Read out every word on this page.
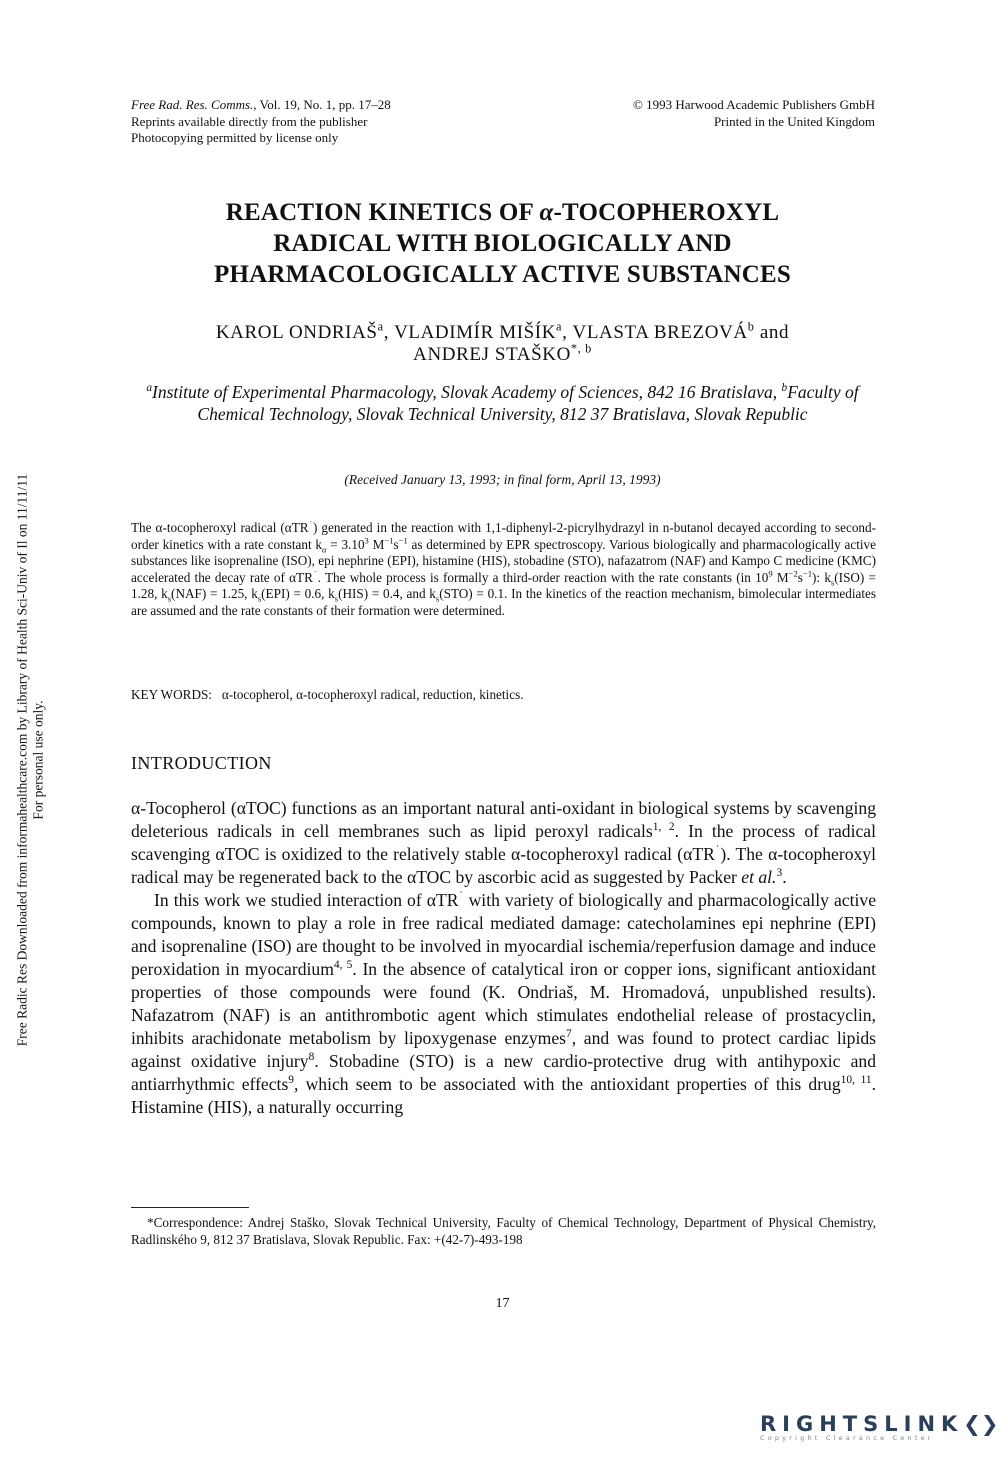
Free Rad. Res. Comms., Vol. 19, No. 1, pp. 17–28
Reprints available directly from the publisher
Photocopying permitted by license only
© 1993 Harwood Academic Publishers GmbH
Printed in the United Kingdom
Free Radic Res Downloaded from informahealthcare.com by Library of Health Sci-Univ of Il on 11/11/11 For personal use only.
REACTION KINETICS OF α-TOCOPHEROXYL
RADICAL WITH BIOLOGICALLY AND
PHARMACOLOGICALLY ACTIVE SUBSTANCES
KAROL ONDRIAŠ$^a$, VLADIMÍR MIŠÍK$^a$, VLASTA BREZOVÁ$^b$ and
ANDREJ $STAŠKO^{*, b}$
$^a$Institute of Experimental Pharmacology, Slovak Academy of Sciences, 842 16 Bratislava, $^b$Faculty of Chemical Technology, Slovak Technical University, 812 37 Bratislava, Slovak Republic
(Received January 13, 1993; in final form, April 13, 1993)
The α-tocopheroxyl radical (αTR˙) generated in the reaction with 1,1-diphenyl-2-picrylhydrazyl in n-butanol decayed according to second-order kinetics with a rate constant $k_\alpha = 3.10^3$ $M^{-1}s^{-1}$ as determined by EPR spectroscopy. Various biologically and pharmacologically active substances like isoprenaline (ISO), epi nephrine (EPI), histamine (HIS), stobadine (STO), nafazatrom (NAF) and Kampo C medicine (KMC) accelerated the decay rate of αTR˙. The whole process is formally a third-order reaction with the rate constants (in $10^9$ $M^{-2}s^{-1}$): $k_s(ISO) = 1.28$, $k_s(NAF) = 1.25$, $k_s(EPI) = 0.6$, $k_s(HIS) = 0.4$, and $k_s(STO) = 0.1$. In the kinetics of the reaction mechanism, bimolecular intermediates are assumed and the rate constants of their formation were determined.
KEY WORDS: α-tocopherol, α-tocopheroxyl radical, reduction, kinetics.
INTRODUCTION

α-Tocopherol (αTOC) functions as an important natural anti-oxidant in biological systems by scavenging deleterious radicals in cell membranes such as lipid peroxyl radicals$^{1, 2}$. In the process of radical scavenging αTOC is oxidized to the relatively stable α-tocopheroxyl radical (αTR˙). The α-tocopheroxyl radical may be regenerated back to the αTOC by ascorbic acid as suggested by Packer et al.$^3$.

In this work we studied interaction of αTR˙ with variety of biologically and pharmacologically active compounds, known to play a role in free radical mediated damage: catecholamines epi nephrine (EPI) and isoprenaline (ISO) are thought to be involved in myocardial ischemia/reperfusion damage and induce peroxidation in myocardium$^{4, 5}$. In the absence of catalytical iron or copper ions, significant antioxidant properties of those compounds were found (K. Ondriaš, M. Hromadová, unpublished results). Nafazatrom (NAF) is an antithrombotic agent which stimulates endothelial release of prostacyclin, inhibits arachidonate metabolism by lipoxygenase enzymes$^7$, and was found to protect cardiac lipids against oxidative injury$^8$. Stobadine (STO) is a new cardio-protective drug with antihypoxic and antiarrhythmic effects$^9$, which seem to be associated with the antioxidant properties of this drug$^{10, 11}$. Histamine (HIS), a naturally occurring

*Correspondence: Andrej Staško, Slovak Technical University, Faculty of Chemical Technology, Department of Physical Chemistry, Radlinského 9, 812 37 Bratislava, Slovak Republic. Fax: +(42-7)-493-198
17
RIGHTSLINK❮❯
Copyright Clearance Center
